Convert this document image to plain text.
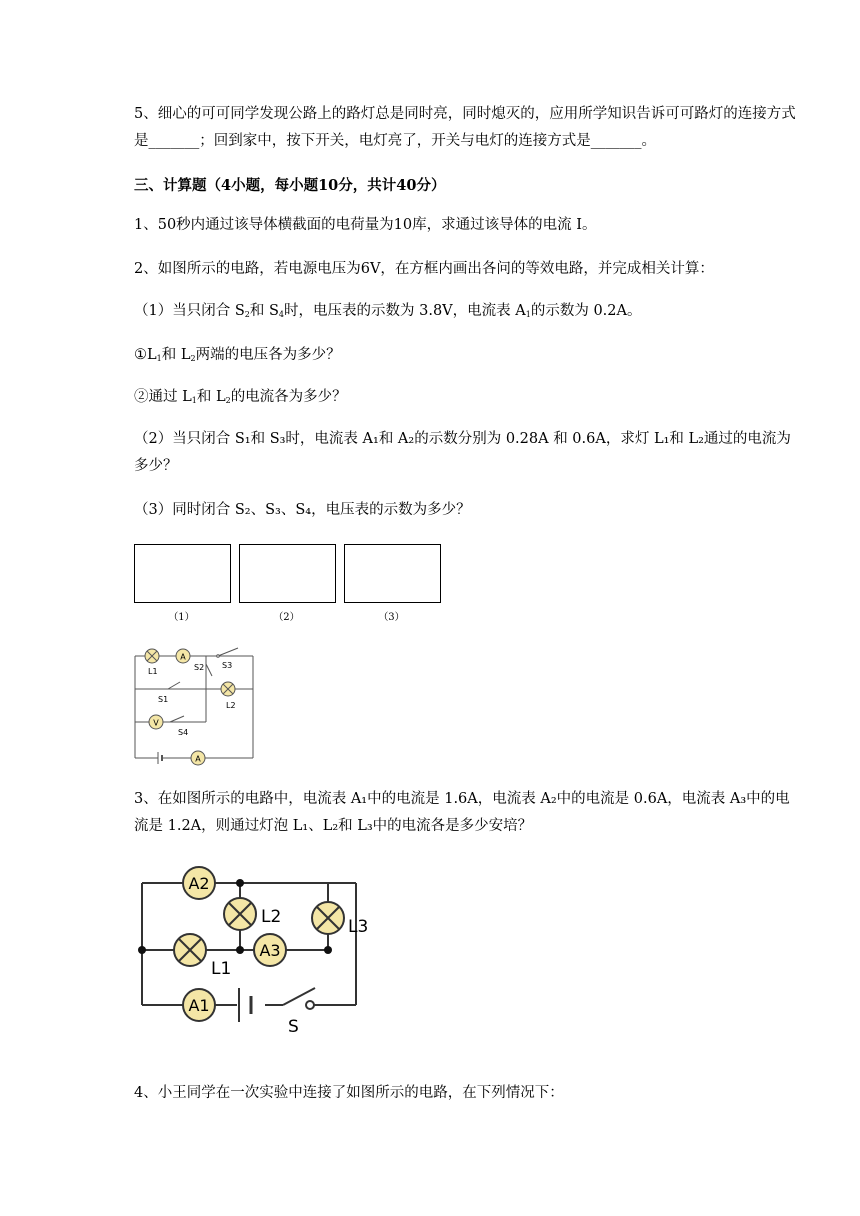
5、细心的可可同学发现公路上的路灯总是同时亮，同时熄灭的，应用所学知识告诉可可路灯的连接方式是_______；回到家中，按下开关，电灯亮了，开关与电灯的连接方式是_______。

三、计算题（4小题，每小题10分，共计40分）

1、50秒内通过该导体横截面的电荷量为10库，求通过该导体的电流 I。

2、如图所示的电路，若电源电压为6V，在方框内画出各问的等效电路，并完成相关计算：

（1）当只闭合 $S_2$和 $S_4$时，电压表的示数为 3.8V，电流表 $A_1$的示数为 0.2A。

$①L_1$和 $L_2$两端的电压各为多少？

②通过 $L_1$和 $L_2$的电流各为多少？

（2）当只闭合 S₁和 S₃时，电流表 A₁和 A₂的示数分别为 0.28A 和 0.6A，求灯 L₁和 L₂通过的电流为多少？

（3）同时闭合 S₂、S₃、S₄，电压表的示数为多少？

（1）	（2）	（3）
A
L1	S2 S3
S1
L2
V
S4
A

3、在如图所示的电路中，电流表 A₁中的电流是 1.6A，电流表 A₂中的电流是 0.6A，电流表 A₃中的电流是 1.2A，则通过灯泡 L₁、L₂和 L₃中的电流各是多少安培？

A2
L2	L3
L1
A3
A1
S

4、小王同学在一次实验中连接了如图所示的电路，在下列情况下：
